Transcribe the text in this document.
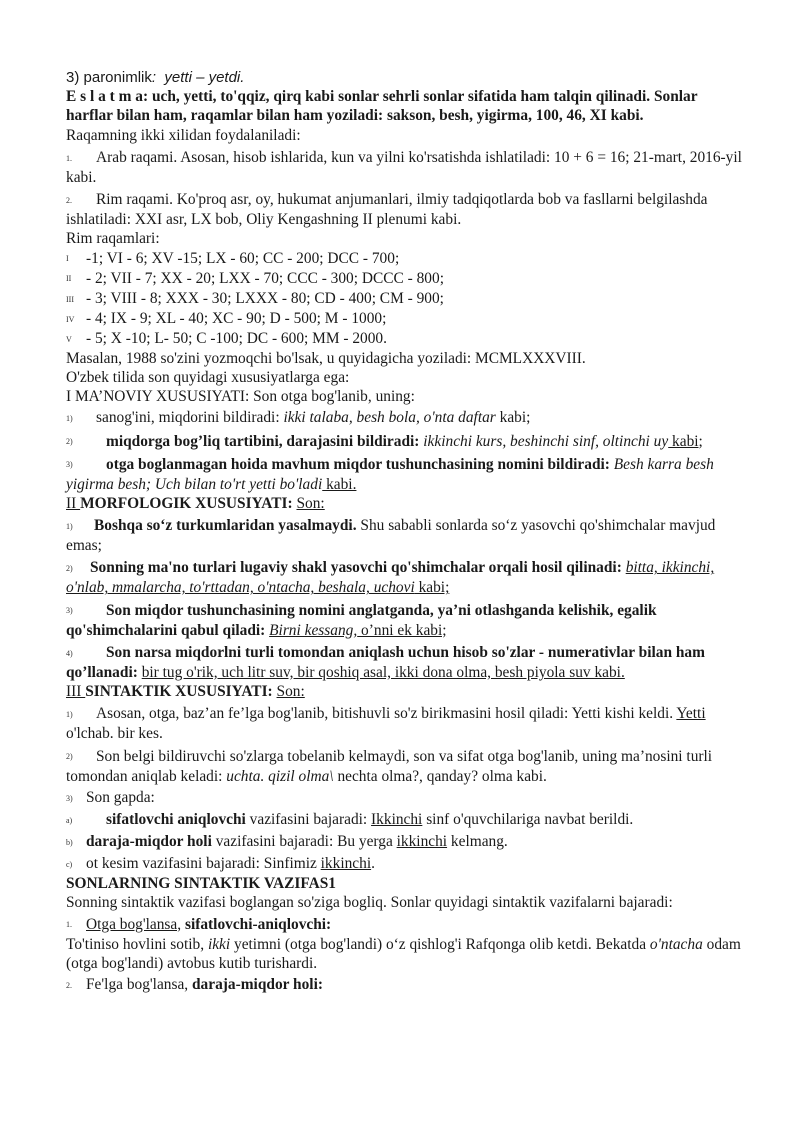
3) paronimlik: yetti – yetdi.
E s l a t m a: uch, yetti, to'qqiz, qirq kabi sonlar sehrli sonlar sifatida ham talqin qilinadi. Sonlar harflar bilan ham, raqamlar bilan ham yoziladi: sakson, besh, yigirma, 100, 46, XI kabi.
Raqamning ikki xilidan foydalaniladi:
1. Arab raqami. Asosan, hisob ishlarida, kun va yilni ko'rsatishda ishlatiladi: 10 + 6 = 16; 21-mart, 2016-yil kabi.
2. Rim raqami. Ko'proq asr, oy, hukumat anjumanlari, ilmiy tadqiqotlarda bob va fasllarni belgilashda ishlatiladi: XXI asr, LX bob, Oliy Kengashning II plenumi kabi.
Rim raqamlari:
I -1; VI - 6; XV -15; LX - 60; CC - 200; DCC - 700;
II - 2; VII - 7; XX - 20; LXX - 70; CCC - 300; DCCC - 800;
III - 3; VIII - 8; XXX - 30; LXXX - 80; CD - 400; CM - 900;
IV - 4; IX - 9; XL - 40; XC - 90; D - 500; M - 1000;
V - 5; X -10; L- 50; C -100; DC - 600; MM - 2000.
Masalan, 1988 so'zini yozmoqchi bo'lsak, u quyidagicha yoziladi: MCMLXXXVIII.
O'zbek tilida son quyidagi xususiyatlarga ega:
I MA’NOVIY XUSUSIYATI: Son otga bog'lanib, uning:
1) sanog'ini, miqdorini bildiradi: ikki talaba, besh bola, o'nta daftar kabi;
2) miqdorga bog’liq tartibini, darajasini bildiradi: ikkinchi kurs, beshinchi sinf, oltinchi uy kabi;
3) otga boglanmagan hoida mavhum miqdor tushunchasining nomini bildiradi: Besh karra besh yigirma besh; Uch bilan to'rt yetti bo'ladi kabi.
II MORFOLOGIK XUSUSIYATI: Son:
1) Boshqa so‘z turkumlaridan yasalmaydi. Shu sababli sonlarda so‘z yasovchi qo'shimchalar mavjud emas;
2) Sonning ma'no turlari lugaviy shakl yasovchi qo'shimchalar orqali hosil qilinadi: bitta, ikkinchi, o'nlab, mmalarcha, to'rttadan, o'ntacha, beshala, uchovi kabi;
3) Son miqdor tushunchasining nomini anglatganda, ya’ni otlashganda kelishik, egalik qo'shimchalarini qabul qiladi: Birni kessang, o’nni ek kabi;
4) Son narsa miqdorlni turli tomondan aniqlash uchun hisob so'zlar - numerativlar bilan ham qo’llanadi: bir tug o'rik, uch litr suv, bir qoshiq asal, ikki dona olma, besh piyola suv kabi.
III SINTAKTIK XUSUSIYATI: Son:
1) Asosan, otga, baz’an fe’lga bog'lanib, bitishuvli so'z birikmasini hosil qiladi: Yetti kishi keldi. Yetti o'lchab. bir kes.
2) Son belgi bildiruvchi so'zlarga tobelanib kelmaydi, son va sifat otga bog'lanib, uning ma’nosini turli tomondan aniqlab keladi: uchta. qizil olma\ nechta olma?, qanday? olma kabi.
3) Son gapda:
a) sifatlovchi aniqlovchi vazifasini bajaradi: Ikkinchi sinf o'quvchilariga navbat berildi.
b) daraja-miqdor holi vazifasini bajaradi: Bu yerga ikkinchi kelmang.
c) ot kesim vazifasini bajaradi: Sinfimiz ikkinchi.
SONLARNING SINTAKTIK VAZIFAS1
Sonning sintaktik vazifasi boglangan so'ziga bogliq. Sonlar quyidagi sintaktik vazifalarni bajaradi:
1. Otga bog'lansa, sifatlovchi-aniqlovchi:
To'tiniso hovlini sotib, ikki yetimni (otga bog'landi) o‘z qishlog'i Rafqonga olib ketdi. Bekatda o'ntacha odam (otga bog'landi) avtobus kutib turishardi.
2. Fe'lga bog'lansa, daraja-miqdor holi:
